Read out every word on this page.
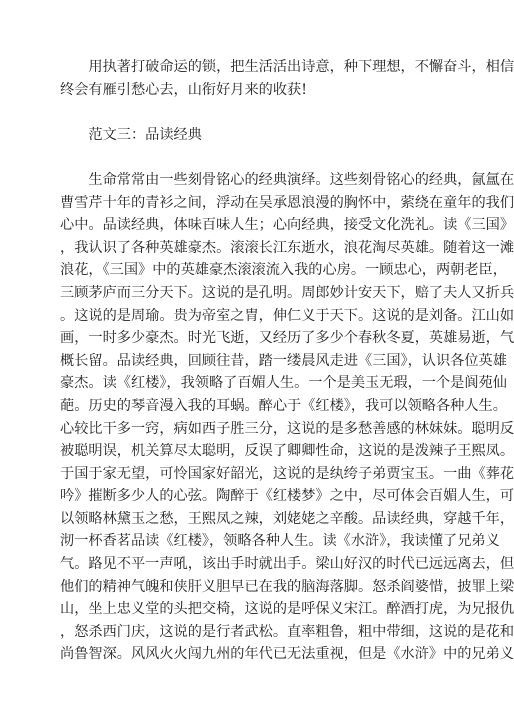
　　用执著打破命运的锁，把生活活出诗意，种下理想，不懈奋斗，相信
终会有雁引愁心去，山衔好月来的收获!
　　范文三：品读经典
　　生命常常由一些刻骨铭心的经典演绎。这些刻骨铭心的经典，氤氲在
曹雪芹十年的青衫之间，浮动在吴承恩浪漫的胸怀中，萦绕在童年的我们
心中。品读经典，体味百味人生；心向经典，接受文化洗礼。读《三国》
，我认识了各种英雄豪杰。滚滚长江东逝水，浪花淘尽英雄。随着这一滩
浪花，《三国》中的英雄豪杰滚滚流入我的心房。一顾忠心，两朝老臣，
三顾茅庐而三分天下。这说的是孔明。周郎妙计安天下，赔了夫人又折兵
。这说的是周瑜。贵为帝室之胄，伸仁义于天下。这说的是刘备。江山如
画，一时多少豪杰。时光飞逝，又经历了多少个春秋冬夏，英雄易逝，气
概长留。品读经典，回顾往昔，踏一缕晨风走进《三国》，认识各位英雄
豪杰。读《红楼》，我领略了百媚人生。一个是美玉无瑕，一个是阆苑仙
葩。历史的琴音漫入我的耳蜗。醉心于《红楼》，我可以领略各种人生。
心较比干多一窍，病如西子胜三分，这说的是多愁善感的林妹妹。聪明反
被聪明误，机关算尽太聪明，反误了卿卿性命，这说的是泼辣子王熙凤。
于国于家无望，可怜国家好韶光，这说的是纨绔子弟贾宝玉。一曲《葬花
吟》摧断多少人的心弦。陶醉于《红楼梦》之中，尽可体会百媚人生，可
以领略林黛玉之愁，王熙凤之辣，刘姥姥之辛酸。品读经典，穿越千年，
沏一杯香茗品读《红楼》，领略各种人生。读《水浒》，我读懂了兄弟义
气。路见不平一声吼，该出手时就出手。梁山好汉的时代已远远离去，但
他们的精神气魄和侠肝义胆早已在我的脑海落脚。怒杀阎婆惜，披罪上梁
山，坐上忠义堂的头把交椅，这说的是呼保义宋江。醉酒打虎，为兄报仇
，怒杀西门庆，这说的是行者武松。直率粗鲁，粗中带细，这说的是花和
尚鲁智深。风风火火闯九州的年代已无法重视，但是《水浒》中的兄弟义
